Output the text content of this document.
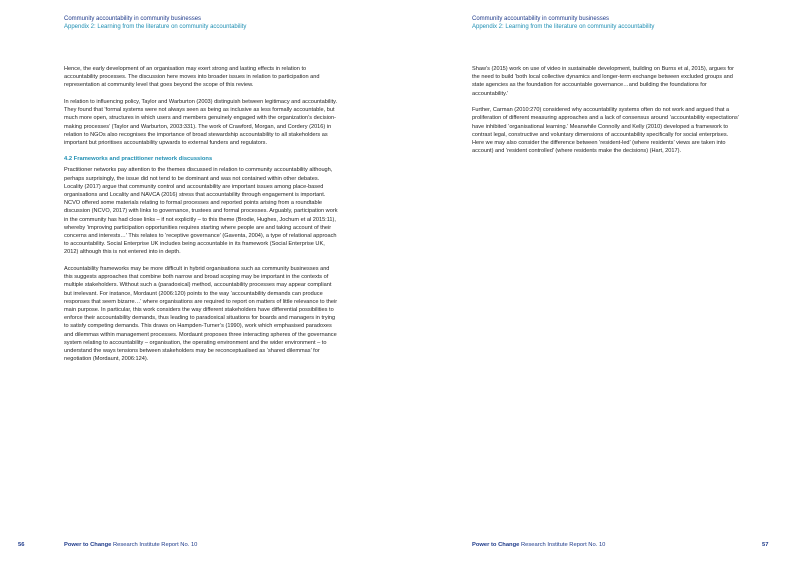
Community accountability in community businesses
Appendix 2: Learning from the literature on community accountability

Hence, the early development of an organisation may exert strong and lasting effects in relation to accountability processes. The discussion here moves into broader issues in relation to participation and representation at community level that goes beyond the scope of this review.

In relation to influencing policy, Taylor and Warburton (2003) distinguish between legitimacy and accountability. They found that ‘formal systems were not always seen as being as inclusive as less formally accountable, but much more open, structures in which users and members genuinely engaged with the organization’s decision-making processes’ (Taylor and Warburton, 2003:331). The work of Crawford, Morgan, and Cordery (2016) in relation to NGOs also recognises the importance of broad stewardship accountability to all stakeholders as important but prioritises accountability upwards to external funders and regulators.

4.2 Frameworks and practitioner network discussions

Practitioner networks pay attention to the themes discussed in relation to community accountability although, perhaps surprisingly, the issue did not tend to be dominant and was not contained within other debates. Locality (2017) argue that community control and accountability are important issues among place-based organisations and Locality and NAVCA (2016) stress that accountability through engagement is important. NCVO offered some materials relating to formal processes and reported points arising from a roundtable discussion (NCVO, 2017) with links to governance, trustees and formal processes. Arguably, participation work in the community has had close links – if not explicitly – to this theme (Brodie, Hughes, Jochum et al 2015:11), whereby ‘improving participation opportunities requires starting where people are and taking account of their concerns and interests…’ This relates to ‘receptive governance’ (Gaventa, 2004), a type of relational approach to accountability. Social Enterprise UK includes being accountable in its framework (Social Enterprise UK, 2012) although this is not entered into in depth.

Accountability frameworks may be more difficult in hybrid organisations such as community businesses and this suggests approaches that combine both narrow and broad scoping may be important in the contexts of multiple stakeholders. Without such a (paradoxical) method, accountability processes may appear compliant but irrelevant. For instance, Mordaunt (2006:120) points to the way ‘accountability demands can produce responses that seem bizarre…’ where organisations are required to report on matters of little relevance to their main purpose. In particular, this work considers the way different stakeholders have differential possibilities to enforce their accountability demands, thus leading to paradoxical situations for boards and managers in trying to satisfy competing demands. This draws on Hampden-Turner’s (1990), work which emphasised paradoxes and dilemmas within management processes. Mordaunt proposes three interacting spheres of the governance system relating to accountability – organisation, the operating environment and the wider environment – to understand the ways tensions between stakeholders may be reconceptualised as ‘shared dilemmas’ for negotiation (Mordaunt, 2006:124).

56	Power to Change Research Institute Report No. 10
Community accountability in community businesses
Appendix 2: Learning from the literature on community accountability

Shaw’s (2015) work on use of video in sustainable development, building on Burns et al, 2015), argues for the need to build ‘both local collective dynamics and longer-term exchange between excluded groups and state agencies as the foundation for accountable governance…and building the foundations for accountability.’

Further, Carman (2010:270) considered why accountability systems often do not work and argued that a proliferation of different measuring approaches and a lack of consensus around ‘accountability expectations’ have inhibited ‘organisational learning.’ Meanwhile Connolly and Kelly (2010) developed a framework to contrast legal, constructive and voluntary dimensions of accountability specifically for social enterprises. Here we may also consider the difference between ‘resident-led’ (where residents’ views are taken into account) and ‘resident controlled’ (where residents make the decisions) (Hart, 2017).

Power to Change Research Institute Report No. 10	57
